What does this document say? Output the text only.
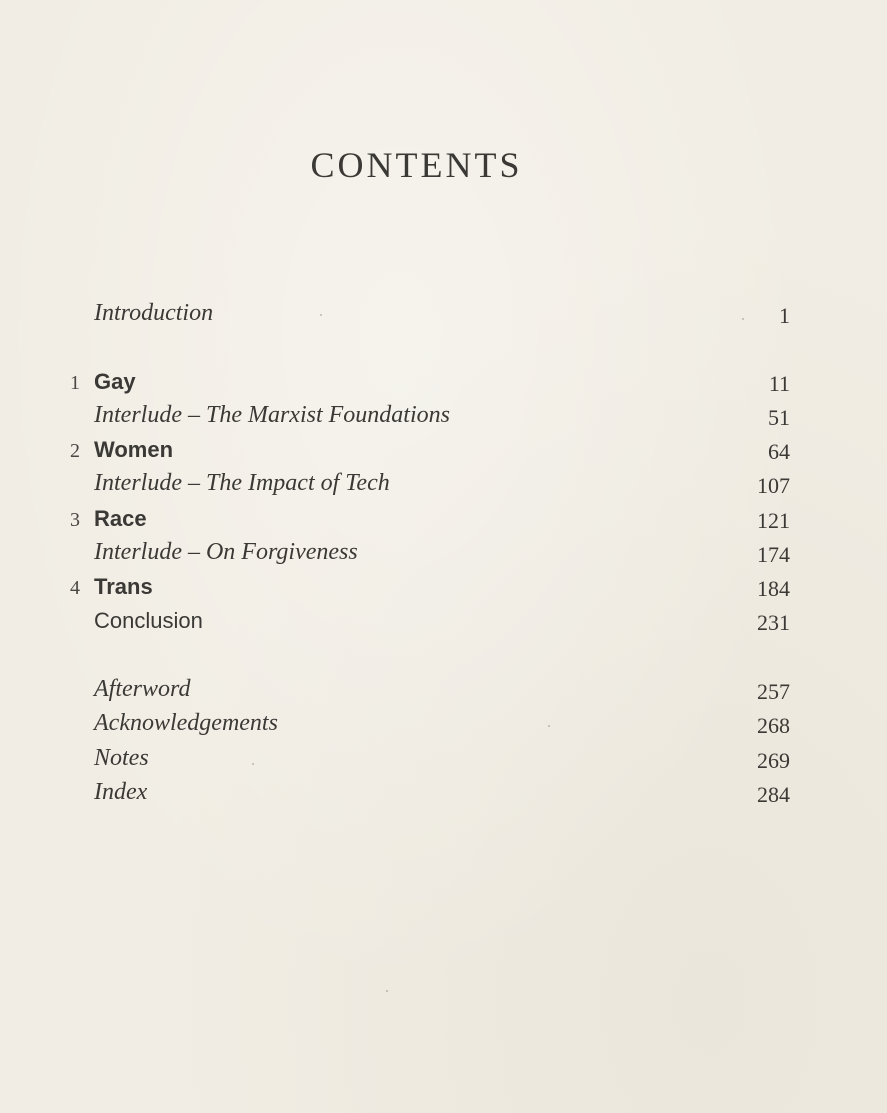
CONTENTS
Introduction	1
1 Gay	11
Interlude – The Marxist Foundations	51
2 Women	64
Interlude – The Impact of Tech	107
3 Race	121
Interlude – On Forgiveness	174
4 Trans	184
Conclusion	231
Afterword	257
Acknowledgements	268
Notes	269
Index	284
